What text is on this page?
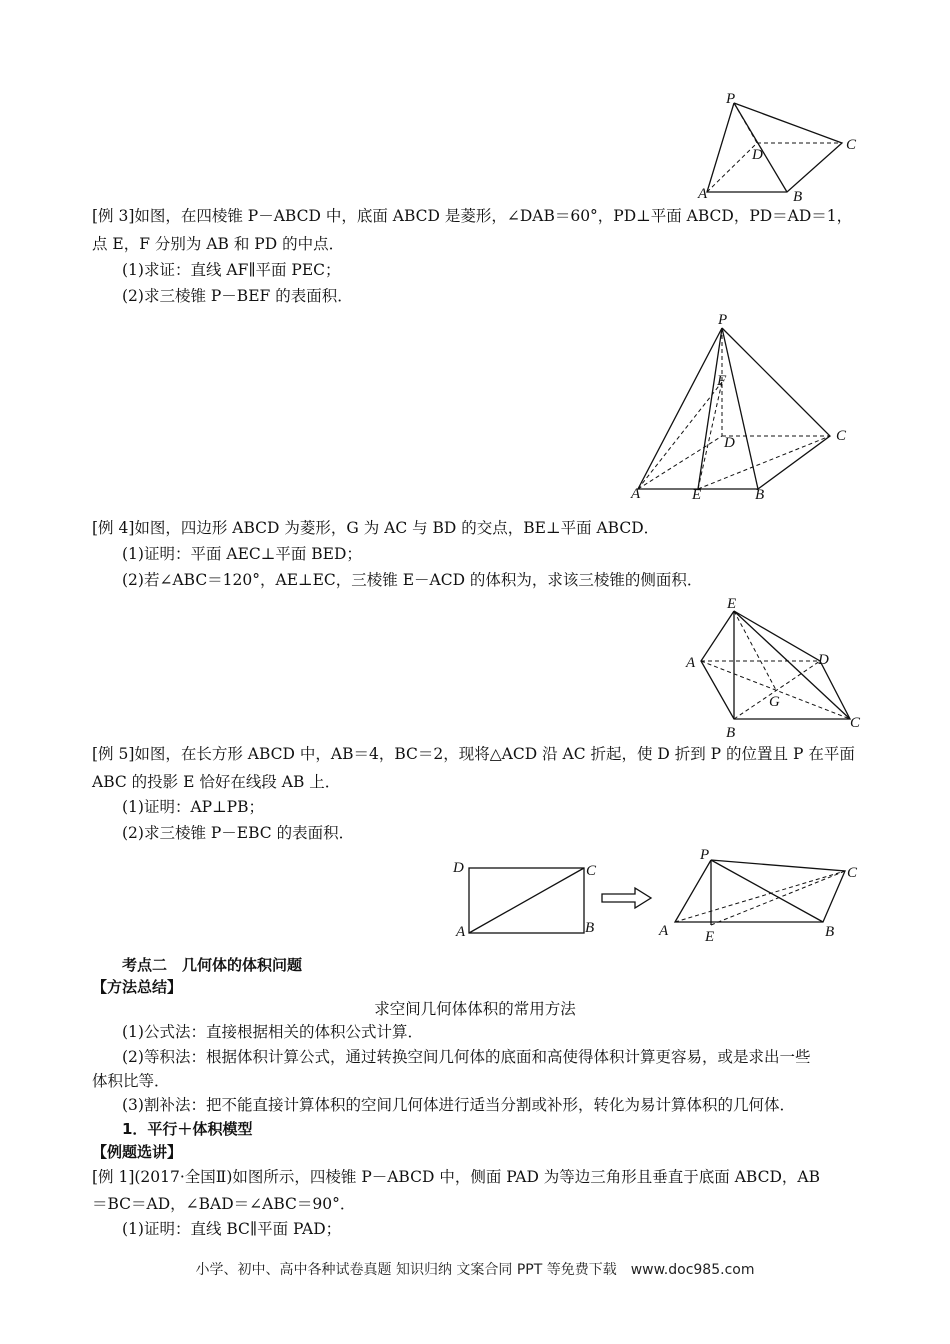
P
D
C
A	B
[例 3]如图，在四棱锥 P－ABCD 中，底面 ABCD 是菱形，∠DAB＝60°，PD⊥平面 ABCD，PD＝AD＝1，
点 E，F 分别为 AB 和 PD 的中点．
(1)求证：直线 AF∥平面 PEC；
(2)求三棱锥 P－BEF 的表面积．
P
F
D	C
A	E	B
[例 4]如图，四边形 ABCD 为菱形，G 为 AC 与 BD 的交点，BE⊥平面 ABCD．
(1)证明：平面 AEC⊥平面 BED；
(2)若∠ABC＝120°，AE⊥EC，三棱锥 E－ACD 的体积为，求该三棱锥的侧面积．
E
A	D
G
B
C
[例 5]如图，在长方形 ABCD 中，AB＝4，BC＝2，现将△ACD 沿 AC 折起，使 D 折到 P 的位置且 P 在平面
ABC 的投影 E 恰好在线段 AB 上．
(1)证明：AP⊥PB；
(2)求三棱锥 P－EBC 的表面积．
D	C
A	B
P
C
A E	B
考点二　几何体的体积问题
【方法总结】
求空间几何体体积的常用方法
(1)公式法：直接根据相关的体积公式计算．
(2)等积法：根据体积计算公式，通过转换空间几何体的底面和高使得体积计算更容易，或是求出一些
体积比等．
(3)割补法：把不能直接计算体积的空间几何体进行适当分割或补形，转化为易计算体积的几何体．
1．平行＋体积模型
【例题选讲】
[例 1](2017·全国Ⅱ)如图所示，四棱锥 P－ABCD 中，侧面 PAD 为等边三角形且垂直于底面 ABCD，AB
＝BC＝AD，∠BAD＝∠ABC＝90°．
(1)证明：直线 BC∥平面 PAD；
小学、初中、高中各种试卷真题 知识归纳 文案合同 PPT 等免费下载　www.doc985.com
